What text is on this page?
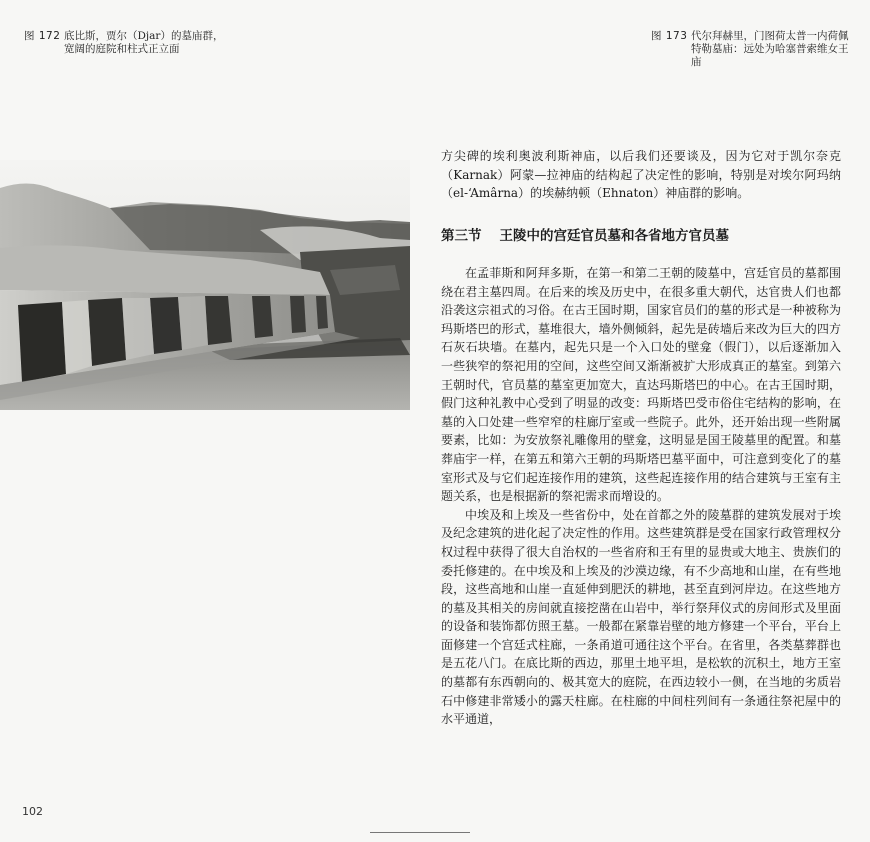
图 172 底比斯，贾尔（Djar）的墓庙群，宽阔的庭院和柱式正立面
图 173 代尔拜赫里，门图荷太普一内荷佩特勒墓庙：远处为哈塞普索维女王庙

方尖碑的埃利奥波利斯神庙，以后我们还要谈及，因为它对于凯尔奈克（Karnak）阿蒙—拉神庙的结构起了决定性的影响，特别是对埃尔阿玛纳（el-‘Amârna）的埃赫纳顿（Ehnaton）神庙群的影响。

第三节 王陵中的宫廷官员墓和各省地方官员墓

在孟菲斯和阿拜多斯，在第一和第二王朝的陵墓中，宫廷官员的墓都围绕在君主墓四周。在后来的埃及历史中，在很多重大朝代，达官贵人们也都沿袭这宗祖式的习俗。在古王国时期，国家官员们的墓的形式是一种被称为玛斯塔巴的形式，墓堆很大，墙外侧倾斜，起先是砖墙后来改为巨大的四方石灰石块墙。在墓内，起先只是一个入口处的壁龛（假门），以后逐渐加入一些狭窄的祭祀用的空间，这些空间又渐渐被扩大形成真正的墓室。到第六王朝时代，官员墓的墓室更加宽大，直达玛斯塔巴的中心。在古王国时期，假门这种礼教中心受到了明显的改变：玛斯塔巴受市俗住宅结构的影响，在墓的入口处建一些窄窄的柱廊厅室或一些院子。此外，还开始出现一些附属要素，比如：为安放祭礼雕像用的壁龛，这明显是国王陵墓里的配置。和墓葬庙宇一样，在第五和第六王朝的玛斯塔巴墓平面中，可注意到变化了的墓室形式及与它们起连接作用的建筑，这些起连接作用的结合建筑与王室有主题关系，也是根据新的祭祀需求而增设的。

中埃及和上埃及一些省份中，处在首都之外的陵墓群的建筑发展对于埃及纪念建筑的进化起了决定性的作用。这些建筑群是受在国家行政管理权分权过程中获得了很大自治权的一些省府和王有里的显贵或大地主、贵族们的委托修建的。在中埃及和上埃及的沙漠边缘，有不少高地和山崖，在有些地段，这些高地和山崖一直延伸到肥沃的耕地，甚至直到河岸边。在这些地方的墓及其相关的房间就直接挖凿在山岩中，举行祭拜仪式的房间形式及里面的设备和装饰都仿照王墓。一般都在紧靠岩壁的地方修建一个平台，平台上面修建一个宫廷式柱廊，一条甬道可通往这个平台。在省里，各类墓葬群也是五花八门。在底比斯的西边，那里土地平坦，是松软的沉积土，地方王室的墓都有东西朝向的、极其宽大的庭院，在西边较小一侧，在当地的劣质岩石中修建非常矮小的露天柱廊。在柱廊的中间柱列间有一条通往祭祀屋中的水平通道，

102
